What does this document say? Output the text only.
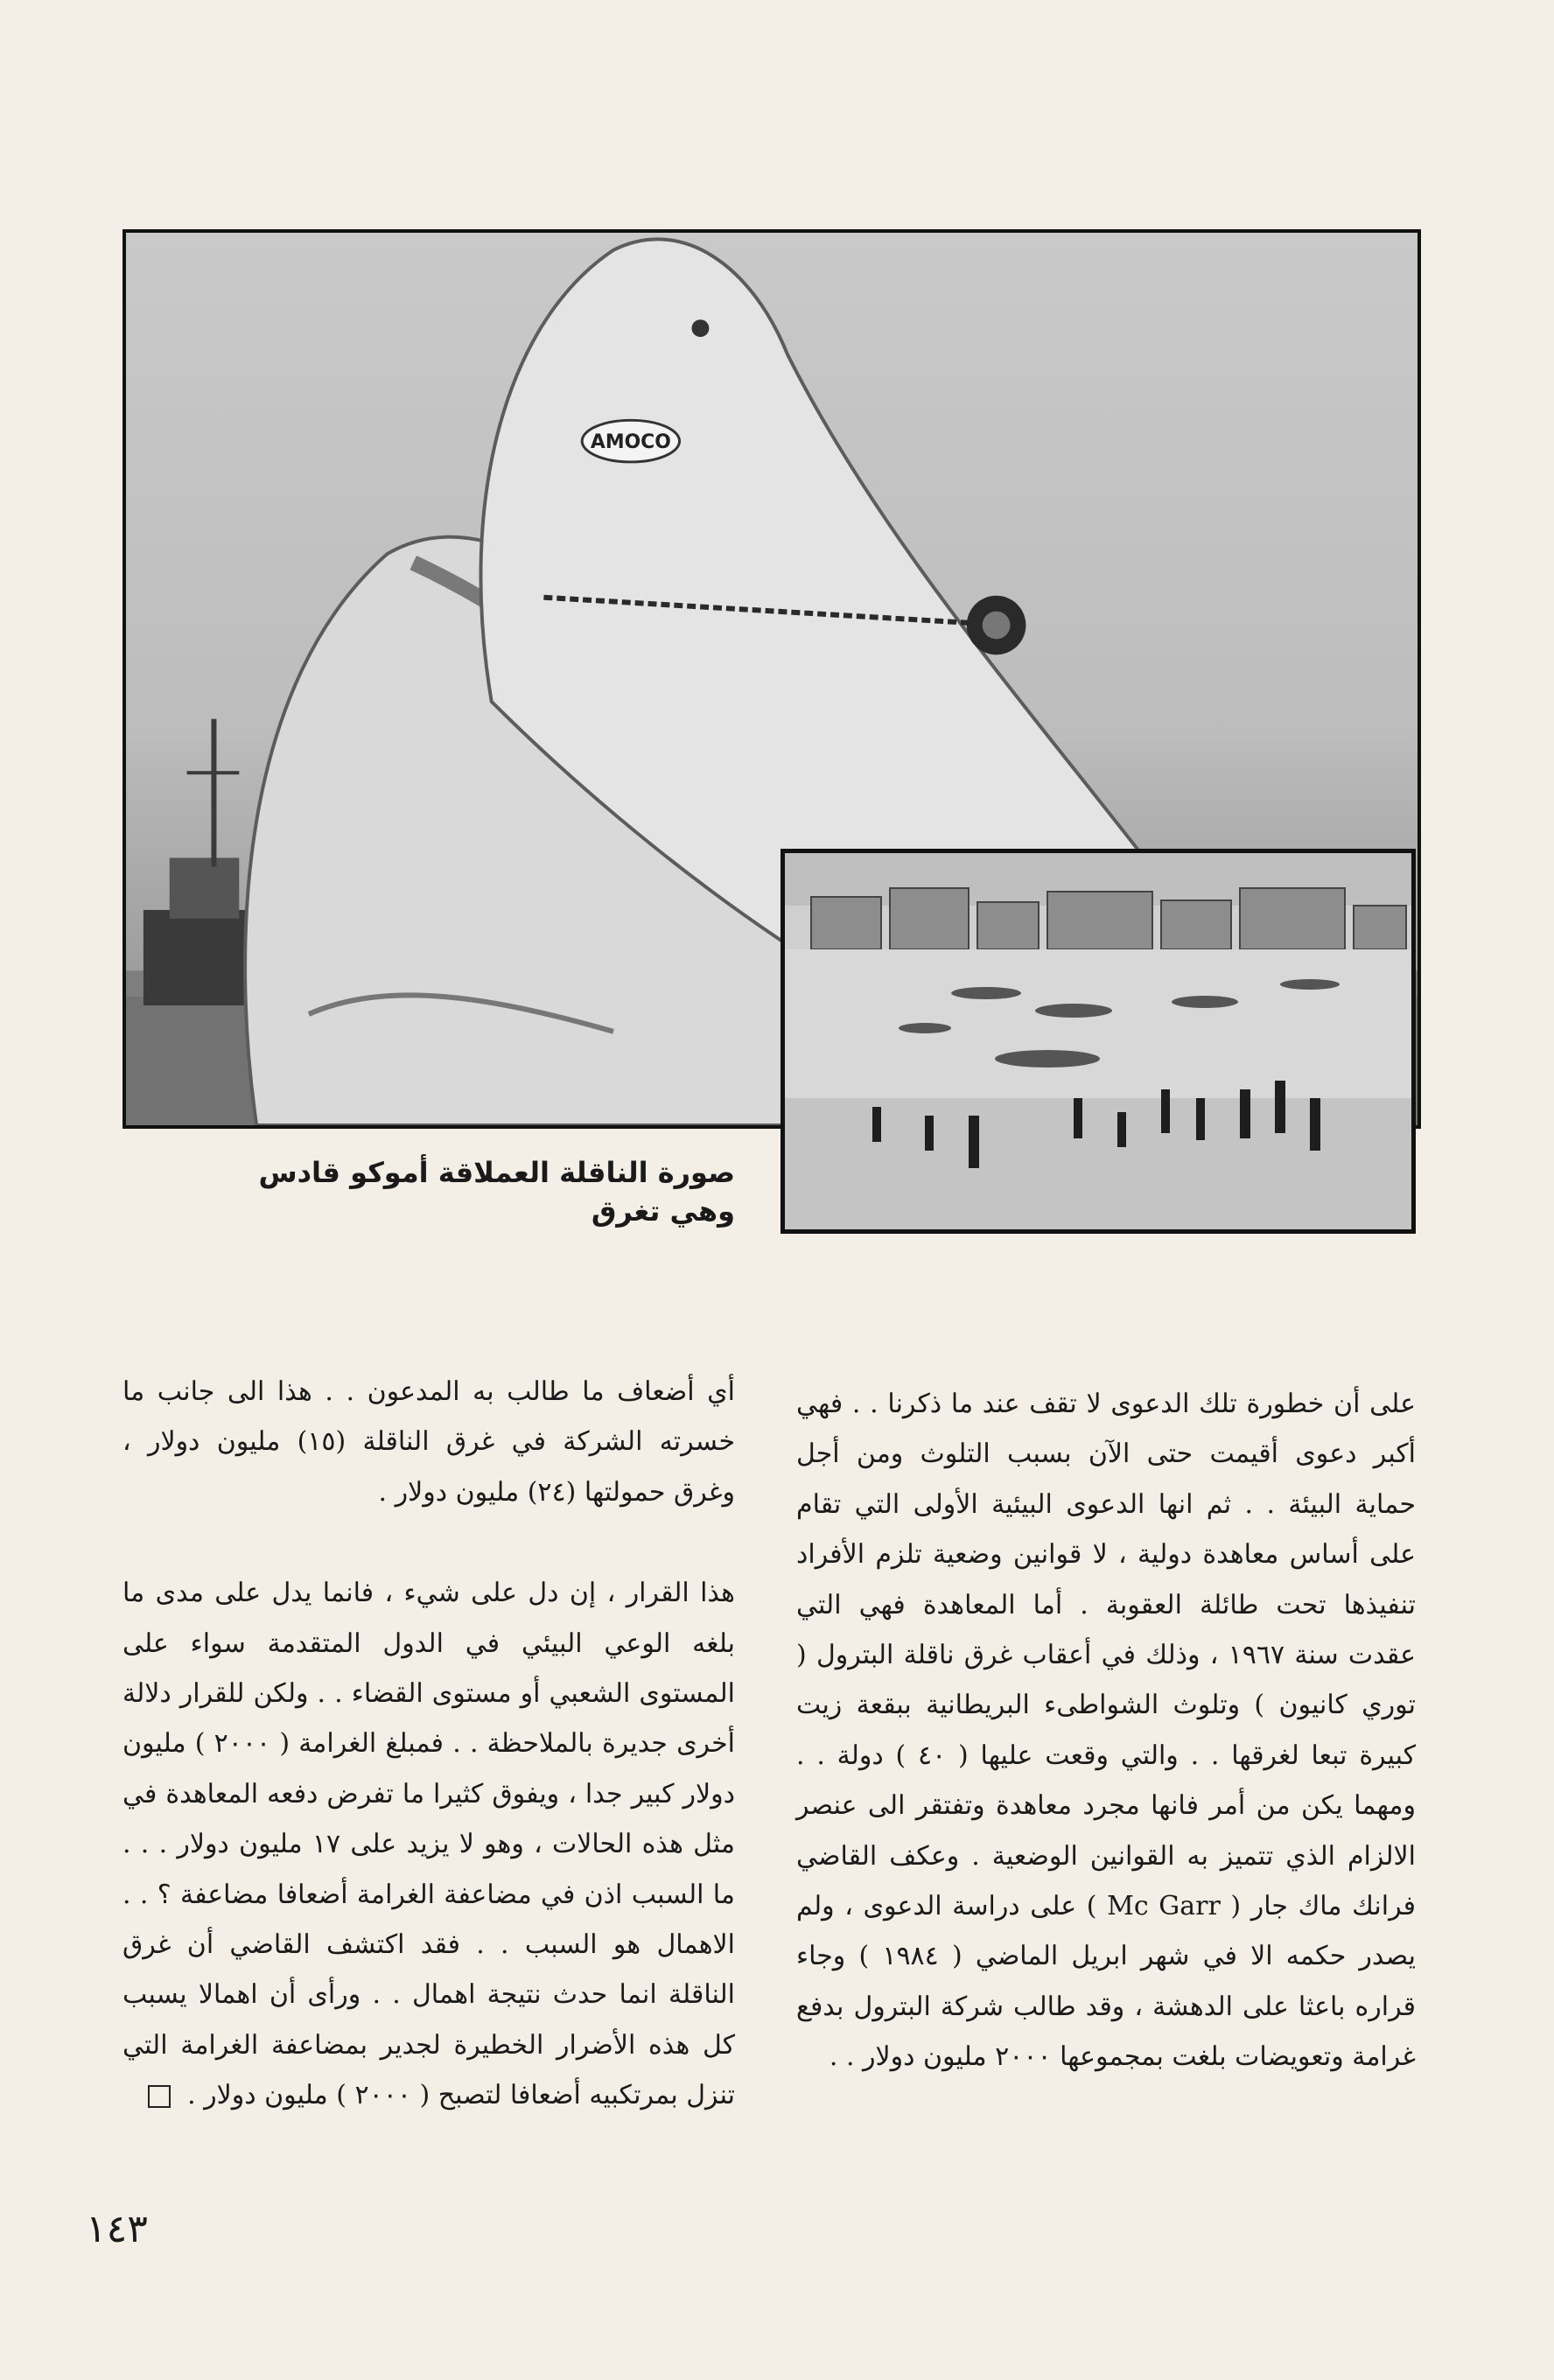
AMOCO
صورة الناقلة العملاقة أموكو قادس وهي تغرق

على أن خطورة تلك الدعوى لا تقف عند ما ذكرنا . . فهي أكبر دعوى أقيمت حتى الآن بسبب التلوث ومن أجل حماية البيئة . . ثم انها الدعوى البيئية الأولى التي تقام على أساس معاهدة دولية ، لا قوانين وضعية تلزم الأفراد تنفيذها تحت طائلة العقوبة . أما المعاهدة فهي التي عقدت سنة ١٩٦٧ ، وذلك في أعقاب غرق ناقلة البترول ( توري كانيون ) وتلوث الشواطىء البريطانية ببقعة زيت كبيرة تبعا لغرقها . . والتي وقعت عليها ( ٤٠ ) دولة . . ومهما يكن من أمر فانها مجرد معاهدة وتفتقر الى عنصر الالزام الذي تتميز به القوانين الوضعية . وعكف القاضي فرانك ماك جار ( Mc Garr ) على دراسة الدعوى ، ولم يصدر حكمه الا في شهر ابريل الماضي ( ١٩٨٤ ) وجاء قراره باعثا على الدهشة ، وقد طالب شركة البترول بدفع غرامة وتعويضات بلغت بمجموعها ٢٠٠٠ مليون دولار . .

أي أضعاف ما طالب به المدعون . . هذا الى جانب ما خسرته الشركة في غرق الناقلة (١٥) مليون دولار ، وغرق حمولتها (٢٤) مليون دولار .

هذا القرار ، إن دل على شيء ، فانما يدل على مدى ما بلغه الوعي البيئي في الدول المتقدمة سواء على المستوى الشعبي أو مستوى القضاء . . ولكن للقرار دلالة أخرى جديرة بالملاحظة . . فمبلغ الغرامة ( ٢٠٠٠ ) مليون دولار كبير جدا ، ويفوق كثيرا ما تفرض دفعه المعاهدة في مثل هذه الحالات ، وهو لا يزيد على ١٧ مليون دولار . . . ما السبب اذن في مضاعفة الغرامة أضعافا مضاعفة ؟ . . الاهمال هو السبب . . فقد اكتشف القاضي أن غرق الناقلة انما حدث نتيجة اهمال . . ورأى أن اهمالا يسبب كل هذه الأضرار الخطيرة لجدير بمضاعفة الغرامة التي تنزل بمرتكبيه أضعافا لتصبح ( ٢٠٠٠ ) مليون دولار .

١٤٣
